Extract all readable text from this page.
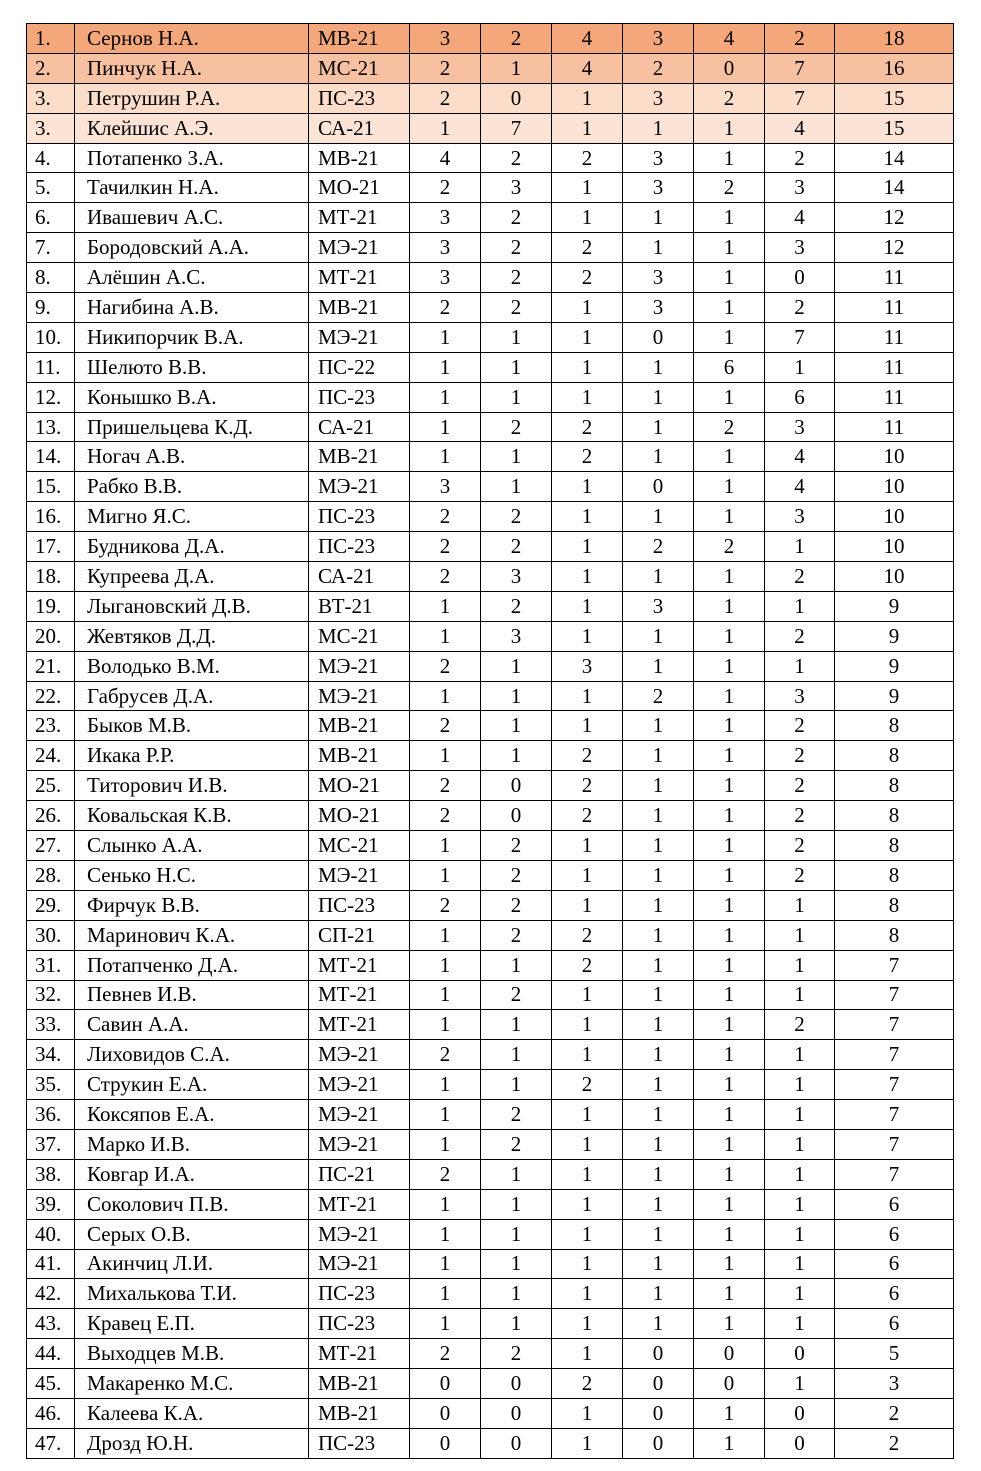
1.	Сернов Н.А.	МВ-21	3	2	4	3	4	2	18
2.	Пинчук Н.А.	МС-21	2	1	4	2	0	7	16
3.	Петрушин Р.А.	ПС-23	2	0	1	3	2	7	15
3.	Клейшис А.Э.	СА-21	1	7	1	1	1	4	15
4.	Потапенко З.А.	МВ-21	4	2	2	3	1	2	14
5.	Тачилкин Н.А.	МО-21	2	3	1	3	2	3	14
6.	Ивашевич А.С.	МТ-21	3	2	1	1	1	4	12
7.	Бородовский А.А.	МЭ-21	3	2	2	1	1	3	12
8.	Алёшин А.С.	МТ-21	3	2	2	3	1	0	11
9.	Нагибина А.В.	МВ-21	2	2	1	3	1	2	11
10.	Никипорчик В.А.	МЭ-21	1	1	1	0	1	7	11
11.	Шелюто В.В.	ПС-22	1	1	1	1	6	1	11
12.	Конышко В.А.	ПС-23	1	1	1	1	1	6	11
13.	Пришельцева К.Д.	СА-21	1	2	2	1	2	3	11
14.	Ногач А.В.	МВ-21	1	1	2	1	1	4	10
15.	Рабко В.В.	МЭ-21	3	1	1	0	1	4	10
16.	Мигно Я.С.	ПС-23	2	2	1	1	1	3	10
17.	Будникова Д.А.	ПС-23	2	2	1	2	2	1	10
18.	Купреева Д.А.	СА-21	2	3	1	1	1	2	10
19.	Лыгановский Д.В.	ВТ-21	1	2	1	3	1	1	9
20.	Жевтяков Д.Д.	МС-21	1	3	1	1	1	2	9
21.	Володько В.М.	МЭ-21	2	1	3	1	1	1	9
22.	Габрусев Д.А.	МЭ-21	1	1	1	2	1	3	9
23.	Быков М.В.	МВ-21	2	1	1	1	1	2	8
24.	Икака Р.Р.	МВ-21	1	1	2	1	1	2	8
25.	Титорович И.В.	МО-21	2	0	2	1	1	2	8
26.	Ковальская К.В.	МО-21	2	0	2	1	1	2	8
27.	Слынко А.А.	МС-21	1	2	1	1	1	2	8
28.	Сенько Н.С.	МЭ-21	1	2	1	1	1	2	8
29.	Фирчук В.В.	ПС-23	2	2	1	1	1	1	8
30.	Маринович К.А.	СП-21	1	2	2	1	1	1	8
31.	Потапченко Д.А.	МТ-21	1	1	2	1	1	1	7
32.	Певнев И.В.	МТ-21	1	2	1	1	1	1	7
33.	Савин А.А.	МТ-21	1	1	1	1	1	2	7
34.	Лиховидов С.А.	МЭ-21	2	1	1	1	1	1	7
35.	Струкин Е.А.	МЭ-21	1	1	2	1	1	1	7
36.	Коксяпов Е.А.	МЭ-21	1	2	1	1	1	1	7
37.	Марко И.В.	МЭ-21	1	2	1	1	1	1	7
38.	Ковгар И.А.	ПС-21	2	1	1	1	1	1	7
39.	Соколович П.В.	МТ-21	1	1	1	1	1	1	6
40.	Серых О.В.	МЭ-21	1	1	1	1	1	1	6
41.	Акинчиц Л.И.	МЭ-21	1	1	1	1	1	1	6
42.	Михалькова Т.И.	ПС-23	1	1	1	1	1	1	6
43.	Кравец Е.П.	ПС-23	1	1	1	1	1	1	6
44.	Выходцев М.В.	МТ-21	2	2	1	0	0	0	5
45.	Макаренко М.С.	МВ-21	0	0	2	0	0	1	3
46.	Калеева К.А.	МВ-21	0	0	1	0	1	0	2
47.	Дрозд Ю.Н.	ПС-23	0	0	1	0	1	0	2
